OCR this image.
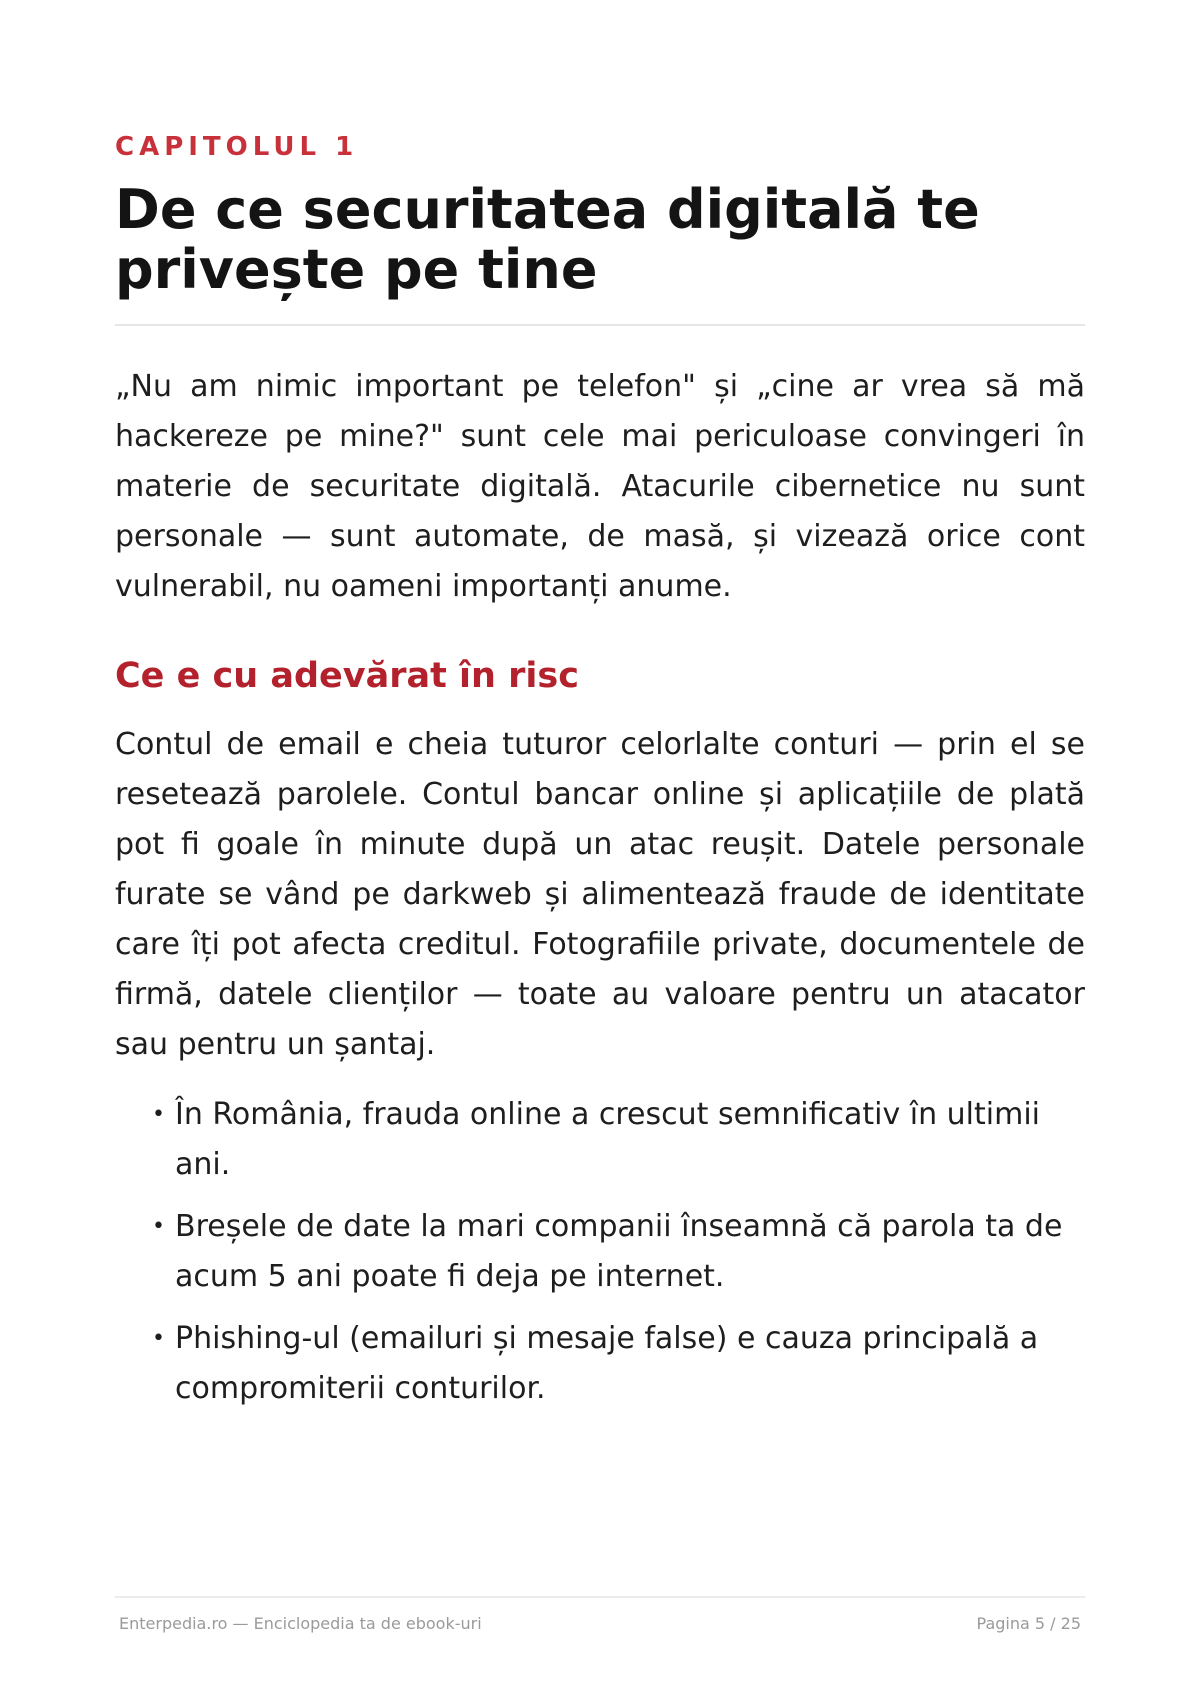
CAPITOLUL 1
De ce securitatea digitală te privește pe tine

„Nu am nimic important pe telefon" și „cine ar vrea să mă hackereze pe mine?" sunt cele mai periculoase convingeri în materie de securitate digitală. Atacurile cibernetice nu sunt personale — sunt automate, de masă, și vizează orice cont vulnerabil, nu oameni importanți anume.

Ce e cu adevărat în risc

Contul de email e cheia tuturor celorlalte conturi — prin el se resetează parolele. Contul bancar online și aplicațiile de plată pot fi goale în minute după un atac reușit. Datele personale furate se vând pe darkweb și alimentează fraude de identitate care îți pot afecta creditul. Fotografiile private, documentele de firmă, datele clienților — toate au valoare pentru un atacator sau pentru un șantaj.

• În România, frauda online a crescut semnificativ în ultimii ani.
• Breșele de date la mari companii înseamnă că parola ta de acum 5 ani poate fi deja pe internet.
• Phishing-ul (emailuri și mesaje false) e cauza principală a compromiterii conturilor.
Enterpedia.ro — Enciclopedia ta de ebook-uri	Pagina 5 / 25
